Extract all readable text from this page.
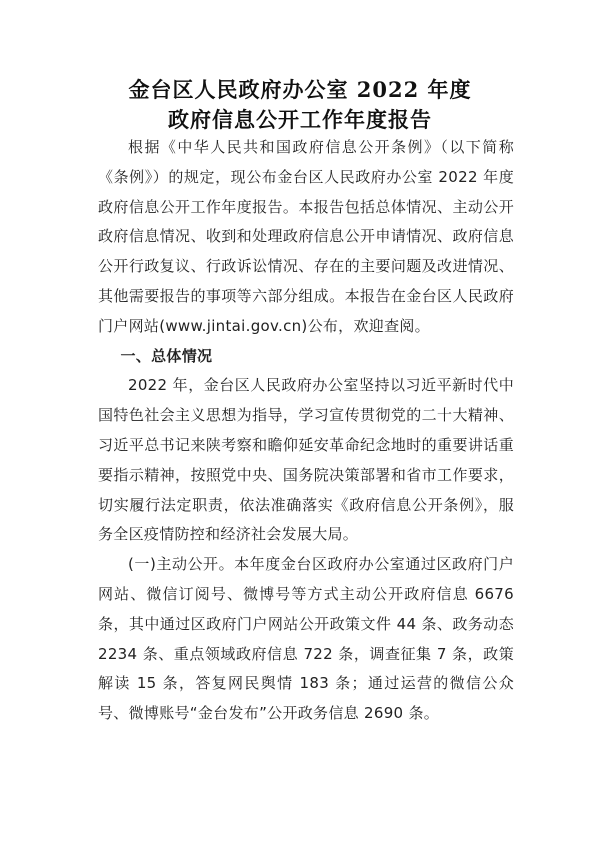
金台区人民政府办公室 2022 年度
政府信息公开工作年度报告

根据《中华人民共和国政府信息公开条例》（以下简称《条例》）的规定，现公布金台区人民政府办公室 2022 年度政府信息公开工作年度报告。本报告包括总体情况、主动公开政府信息情况、收到和处理政府信息公开申请情况、政府信息公开行政复议、行政诉讼情况、存在的主要问题及改进情况、其他需要报告的事项等六部分组成。本报告在金台区人民政府门户网站(www.jintai.gov.cn)公布，欢迎查阅。

一、总体情况

2022 年，金台区人民政府办公室坚持以习近平新时代中国特色社会主义思想为指导，学习宣传贯彻党的二十大精神、习近平总书记来陕考察和瞻仰延安革命纪念地时的重要讲话重要指示精神，按照党中央、国务院决策部署和省市工作要求，切实履行法定职责，依法准确落实《政府信息公开条例》，服务全区疫情防控和经济社会发展大局。

(一)主动公开。本年度金台区政府办公室通过区政府门户网站、微信订阅号、微博号等方式主动公开政府信息 6676 条，其中通过区政府门户网站公开政策文件 44 条、政务动态 2234 条、重点领域政府信息 722 条，调查征集 7 条，政策解读 15 条，答复网民舆情 183 条；通过运营的微信公众号、微博账号“金台发布”公开政务信息 2690 条。
